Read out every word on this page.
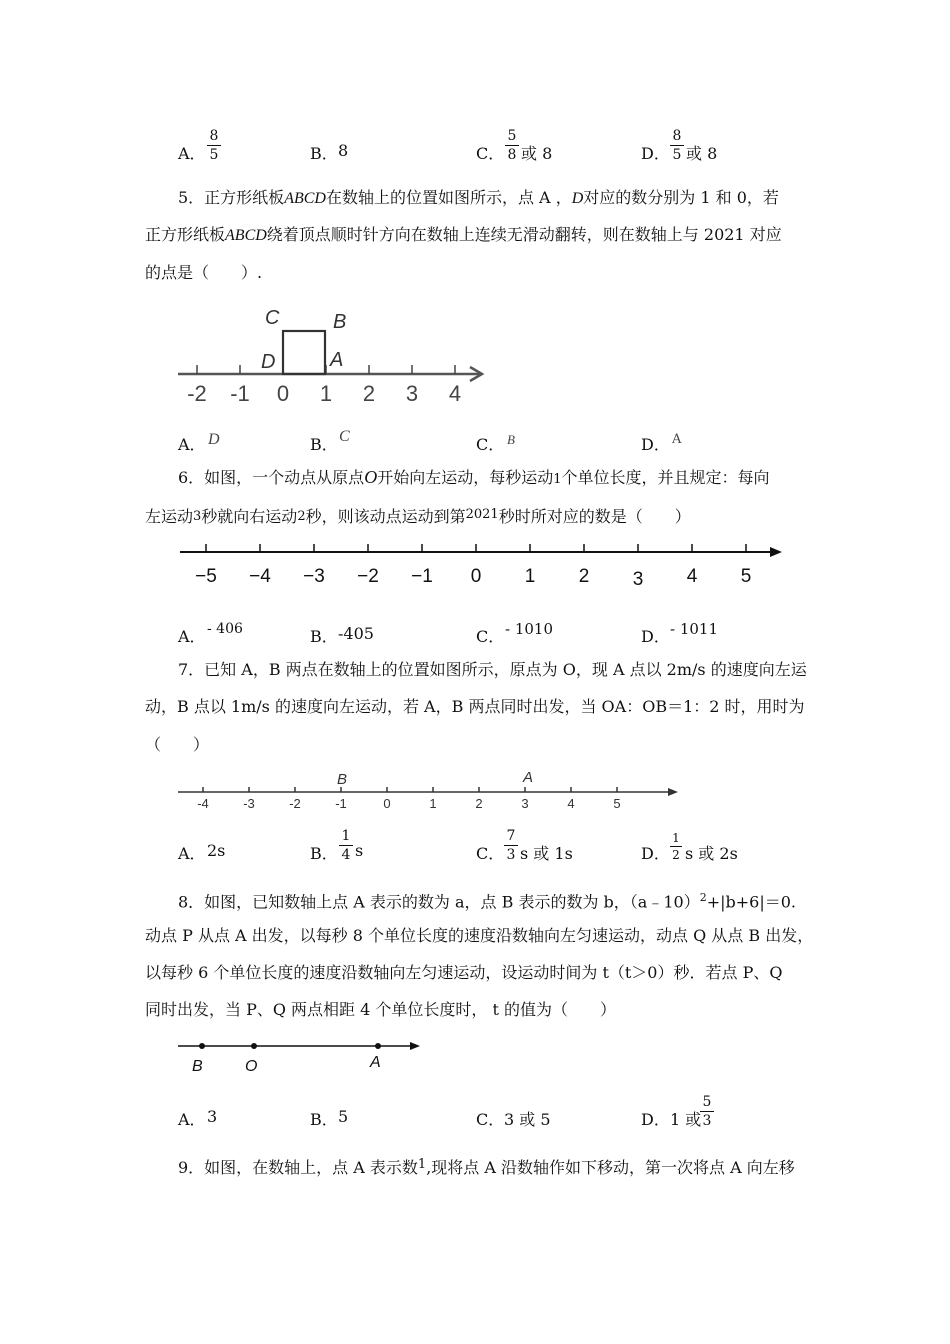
A．
8
5	B． 8	C．
5
8 或 8	D．
8
5 或 8
5．正方形纸板ABCD在数轴上的位置如图所示，点 A ，D对应的数分别为 1 和 0，若
正方形纸板ABCD绕着顶点顺时针方向在数轴上连续无滑动翻转，则在数轴上与 2021 对应
的点是（　　）.
-2 -1 0 1 2 3 4
C	B
D	A
−5 −4 −3 −2 −1 0 1 2 3 4 5
-4	-3	-2	-1	0	1	2	3	4	5
B	A
B	O	A
A． D	B． C	C． B	D． A
6．如图，一个动点从原点O开始向左运动，每秒运动1个单位长度，并且规定：每向
左运动3秒就向右运动2秒，则该动点运动到第$^{2021}$秒时所对应的数是（　　）
A． - 406	B． -405	C． - 1010	D． - 1011
7．已知 A，B 两点在数轴上的位置如图所示，原点为 O，现 A 点以 2m/s 的速度向左运
动，B 点以 1m/s 的速度向左运动，若 A，B 两点同时出发，当 OA：OB＝1：2 时，用时为
（　　）
A． 2s	B．
1
4 s	C．
7
3 s 或 1s	D．
1
2 s 或 2s
8．如图，已知数轴上点 A 表示的数为 a，点 B 表示的数为 b，（a﹣10）$^2$+|b+6|＝0.
动点 P 从点 A 出发，以每秒 8 个单位长度的速度沿数轴向左匀速运动，动点 Q 从点 B 出发，
以每秒 6 个单位长度的速度沿数轴向左匀速运动，设运动时间为 t（t＞0）秒．若点 P、Q
同时出发，当 P、Q 两点相距 4 个单位长度时， t 的值为（　　）
A． 3	B． 5	C． 3 或 5	D． 1 或
5
3
9．如图，在数轴上，点 A 表示数$^1$,现将点 A 沿数轴作如下移动，第一次将点 A 向左移
